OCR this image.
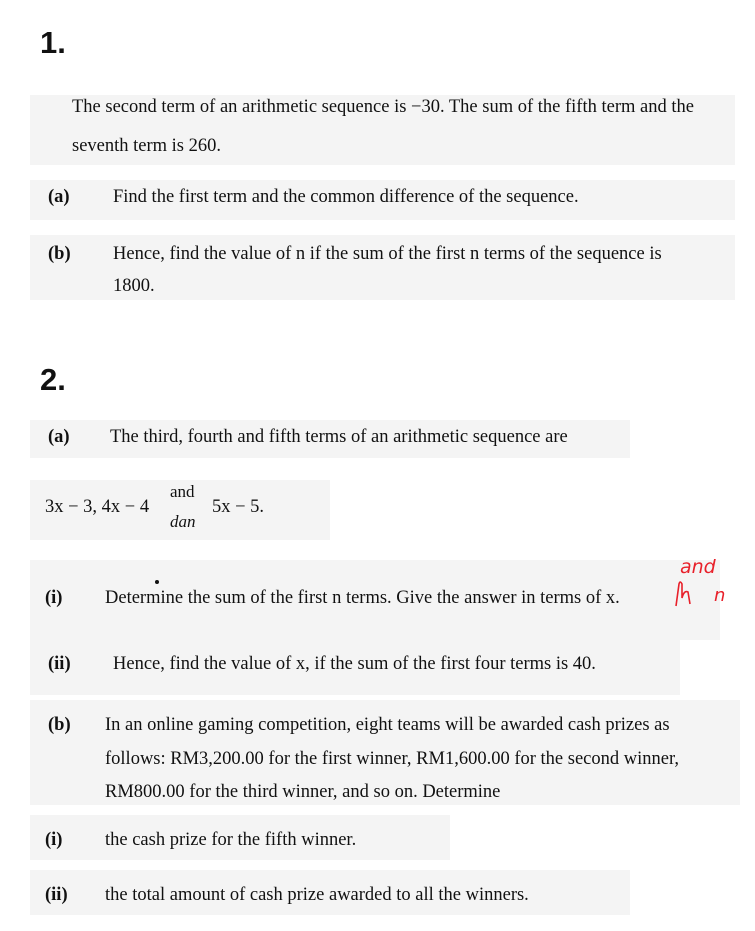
1.
The second term of an arithmetic sequence is −30. The sum of the fifth term and the
seventh term is 260.
(a) Find the first term and the common difference of the sequence.
(b) Hence, find the value of n if the sum of the first n terms of the sequence is
1800.
2.
(a) The third, fourth and fifth terms of an arithmetic sequence are
3x − 3, 4x − 4
and
dan
5x − 5.
(i) Determine the sum of the first n terms. Give the answer in terms of x.
and
n
(ii) Hence, find the value of x, if the sum of the first four terms is 40.
(b) In an online gaming competition, eight teams will be awarded cash prizes as
follows: RM3,200.00 for the first winner, RM1,600.00 for the second winner,
RM800.00 for the third winner, and so on. Determine
(i) the cash prize for the fifth winner.
(ii) the total amount of cash prize awarded to all the winners.
